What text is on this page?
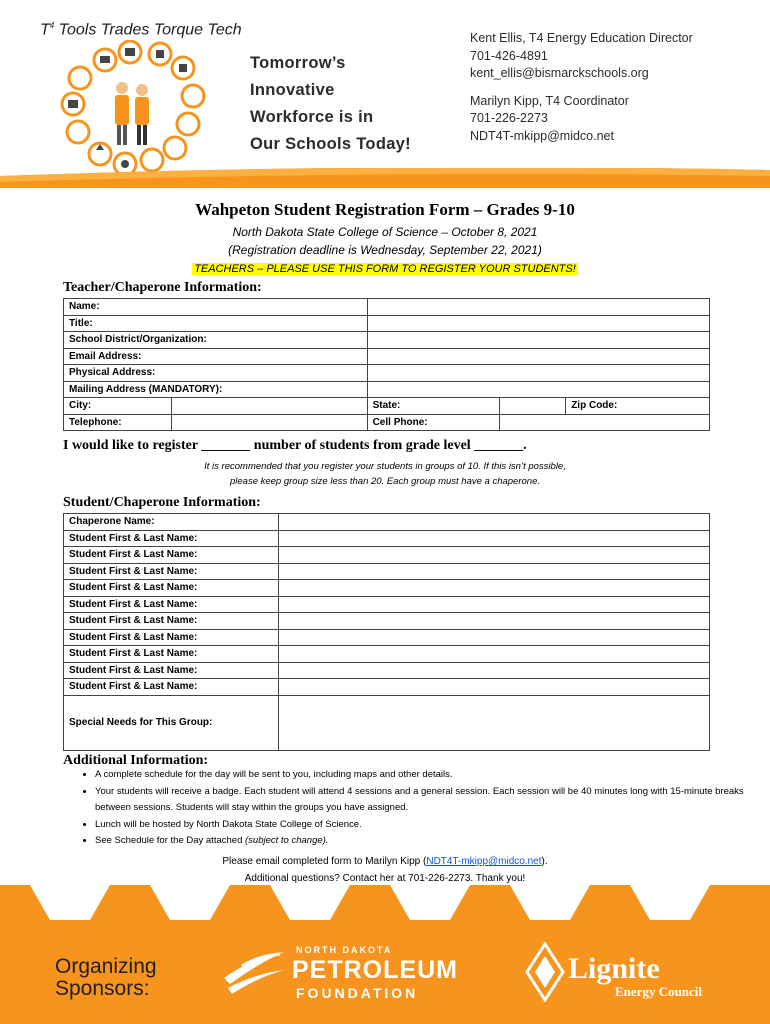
$T^4$ Tools Trades Torque Tech
Tomorrow’s
Innovative
Workforce is in
Our Schools Today!
Kent Ellis, T4 Energy Education Director
701-426-4891
kent_ellis@bismarckschools.org
Marilyn Kipp, T4 Coordinator
701-226-2273
NDT4T-mkipp@midco.net
Wahpeton Student Registration Form – Grades 9-10
North Dakota State College of Science – October 8, 2021
(Registration deadline is Wednesday, September 22, 2021)
TEACHERS – PLEASE USE THIS FORM TO REGISTER YOUR STUDENTS!
Teacher/Chaperone Information:
Name:				
Title:				
School District/Organization:				
Email Address:				
Physical Address:				
Mailing Address (MANDATORY):				
City:		State:		Zip Code:
Telephone:		Cell Phone:		
I would like to register _______ number of students from grade level _______.
It is recommended that you register your students in groups of 10. If this isn’t possible,
please keep group size less than 20. Each group must have a chaperone.
Student/Chaperone Information:
Chaperone Name:	
Student First & Last Name:	
Student First & Last Name:	
Student First & Last Name:	
Student First & Last Name:	
Student First & Last Name:	
Student First & Last Name:	
Student First & Last Name:	
Student First & Last Name:	
Student First & Last Name:	
Student First & Last Name:	
Special Needs for This Group:	
Additional Information:
• A complete schedule for the day will be sent to you, including maps and other details.
• Your students will receive a badge. Each student will attend 4 sessions and a general session. Each session will be 40 minutes long with 15-minute breaks between sessions. Students will stay within the groups you have assigned.
• Lunch will be hosted by North Dakota State College of Science.
• See Schedule for the Day attached (subject to change).
Please email completed form to Marilyn Kipp (NDT4T-mkipp@midco.net).
Additional questions? Contact her at 701-226-2273. Thank you!
Organizing
Sponsors:
NORTH DAKOTA
PETROLEUM
FOUNDATION
Lignite
Energy Council
